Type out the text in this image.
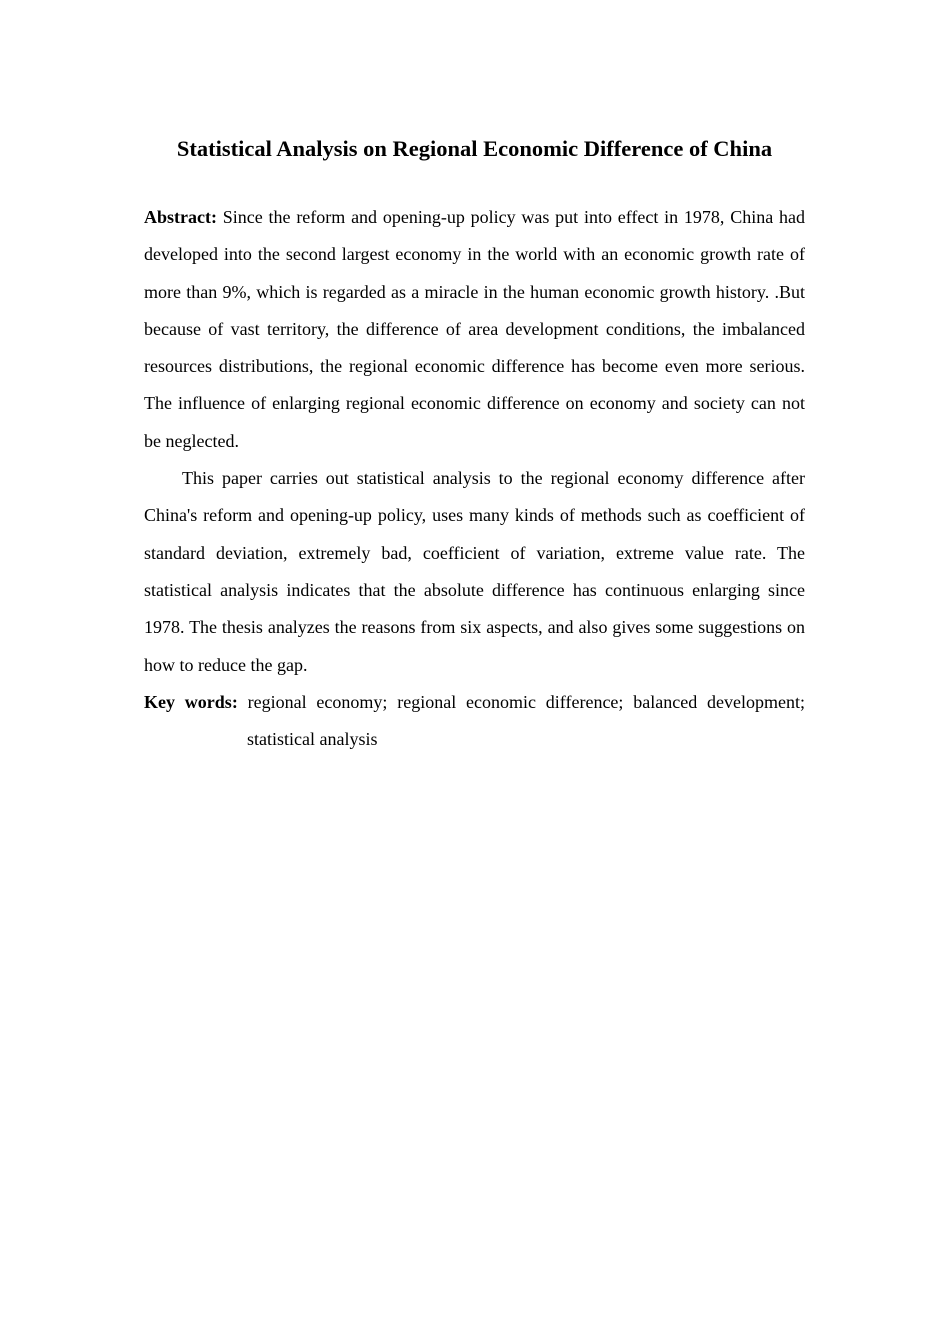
Statistical Analysis on Regional Economic Difference of China

Abstract: Since the reform and opening-up policy was put into effect in 1978, China had developed into the second largest economy in the world with an economic growth rate of more than 9%, which is regarded as a miracle in the human economic growth history. .But because of vast territory, the difference of area development conditions, the imbalanced resources distributions, the regional economic difference has become even more serious. The influence of enlarging regional economic difference on economy and society can not be neglected.

This paper carries out statistical analysis to the regional economy difference after China's reform and opening-up policy, uses many kinds of methods such as coefficient of standard deviation, extremely bad, coefficient of variation, extreme value rate. The statistical analysis indicates that the absolute difference has continuous enlarging since 1978. The thesis analyzes the reasons from six aspects, and also gives some suggestions on how to reduce the gap.

Key words: regional economy; regional economic difference; balanced development; statistical analysis
